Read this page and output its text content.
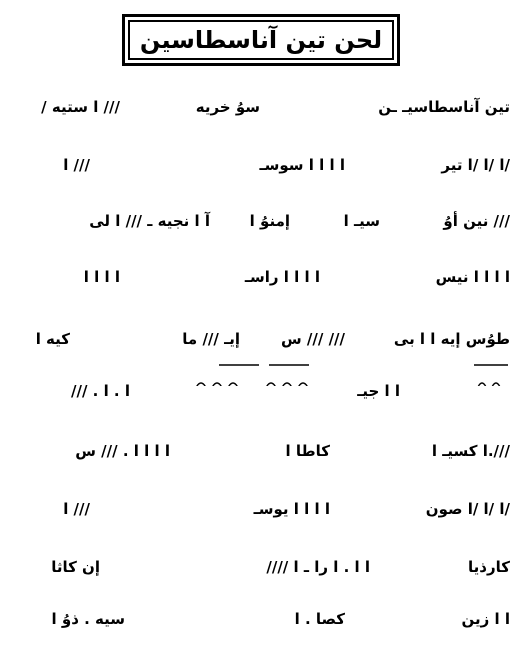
لحن تين آناسطاسين
تين آناسطاسيـ ـن
سوُ خريه
/// ا ستيه /
/ا /ا /ا تير
ا ا ا ا سوسـ
/// ا
/// نين أوُ
سيـ ا
إمنوُ ا
آ ا نجيه ـ /// ا لى
ا ا ا ا نيس
ا ا ا ا راسـ
ا ا ا ا
طوُس إيه ا ا بى
/// /// س
إيـ /// ما
كيه ا
ا ا جيـ
ا . ا . ///
///.ا كسيـ ا
كاطا ا
ا ا ا ا . /// س
/ا /ا /ا صون
ا ا ا ا يوسـ
/// ا
كارذيا
ا ا . ا را ـ ا ////
إن كاثا
ا ا زين
كصا . ا
سيه . ذوُ ا
